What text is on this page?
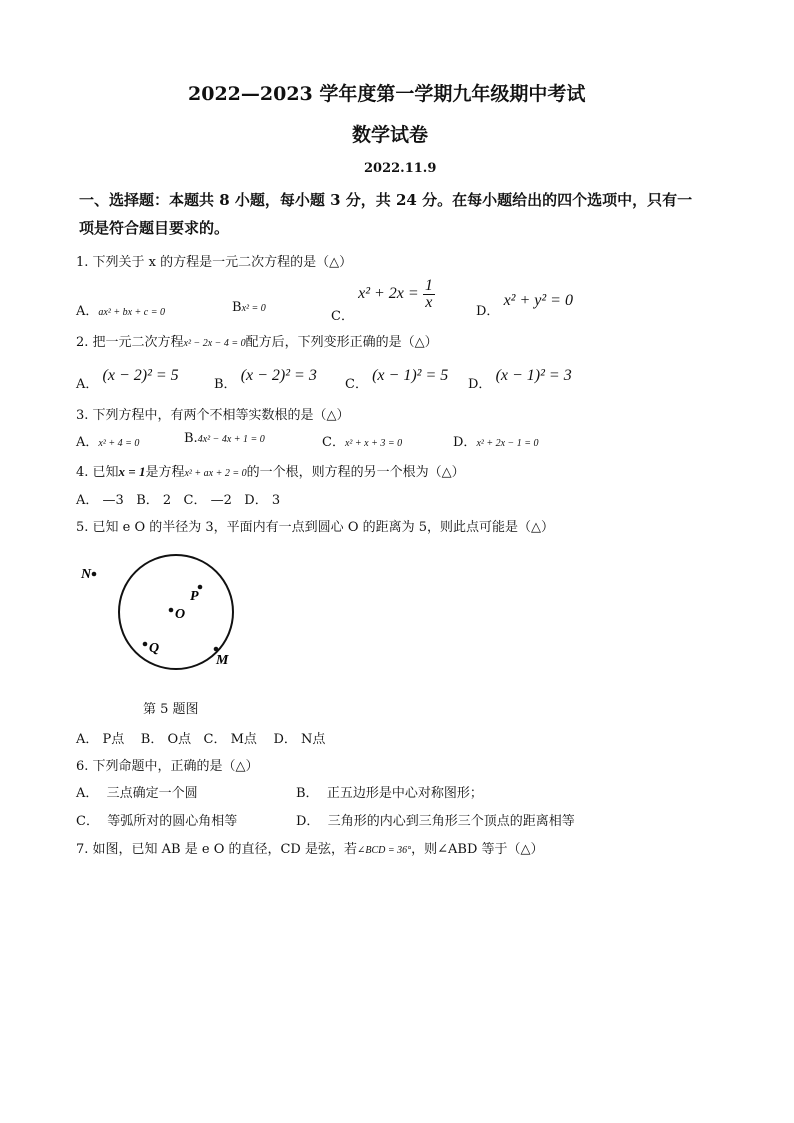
2022—2023 学年度第一学期九年级期中考试
数学试卷
2022.11.9
一、选择题：本题共 8 小题，每小题 3 分，共 24 分。在每小题给出的四个选项中，只有一
项是符合题目要求的。
1. 下列关于 x 的方程是一元二次方程的是（△）
A．ax² + bx + c = 0	Bx² = 0
C． $x^2 + 2x = \frac{1}{x}$
D． x² + y² = 0
2. 把一元二次方程x² − 2x − 4 = 0配方后，下列变形正确的是（△）
A． (x − 2)² = 5
B． (x − 2)² = 3
C． (x − 1)² = 5
D． (x − 1)² = 3
3. 下列方程中，有两个不相等实数根的是（△）
A．x² + 4 = 0	B.4x² − 4x + 1 = 0	C．x² + x + 3 = 0	D．x² + 2x − 1 = 0
4. 已知x = 1是方程x² + ax + 2 = 0的一个根，则方程的另一个根为（△）
A． —3   B． 2   C． —2   D． 3
5. 已知 e O 的半径为 3，平面内有一点到圆心 O 的距离为 5，则此点可能是（△）
N
P
O
Q
M
第 5 题图
A． P点    B． O点   C． M点    D． N点
6. 下列命题中，正确的是（△）
A．  三点确定一个圆	B．  正五边形是中心对称图形；
C．  等弧所对的圆心角相等	D．  三角形的内心到三角形三个顶点的距离相等
7. 如图，已知 AB 是 e O 的直径，CD 是弦，若∠BCD = 36°，则∠ABD 等于（△）
